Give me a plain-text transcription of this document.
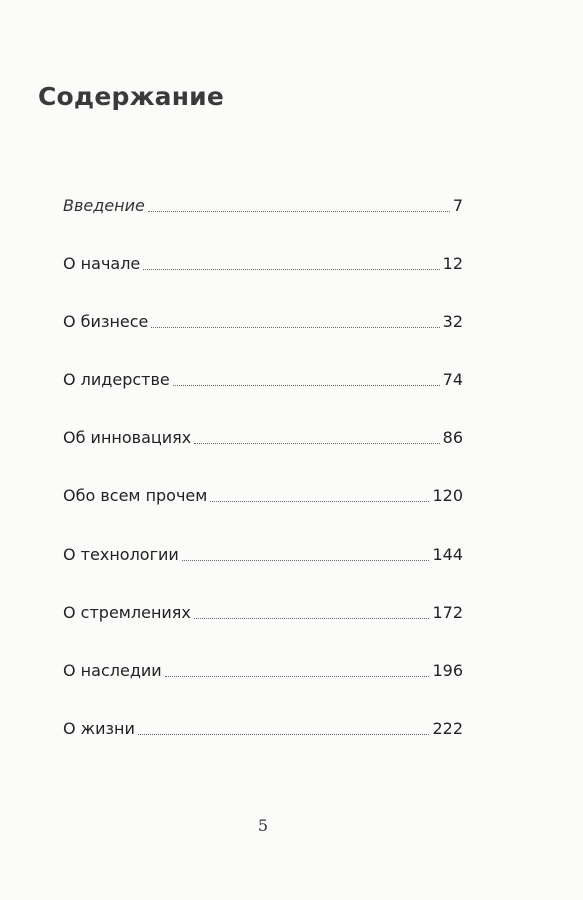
Содержание
Введение	7
О начале	12
О бизнесе	32
О лидерстве	74
Об инновациях	86
Обо всем прочем	120
О технологии	144
О стремлениях	172
О наследии	196
О жизни	222
5
